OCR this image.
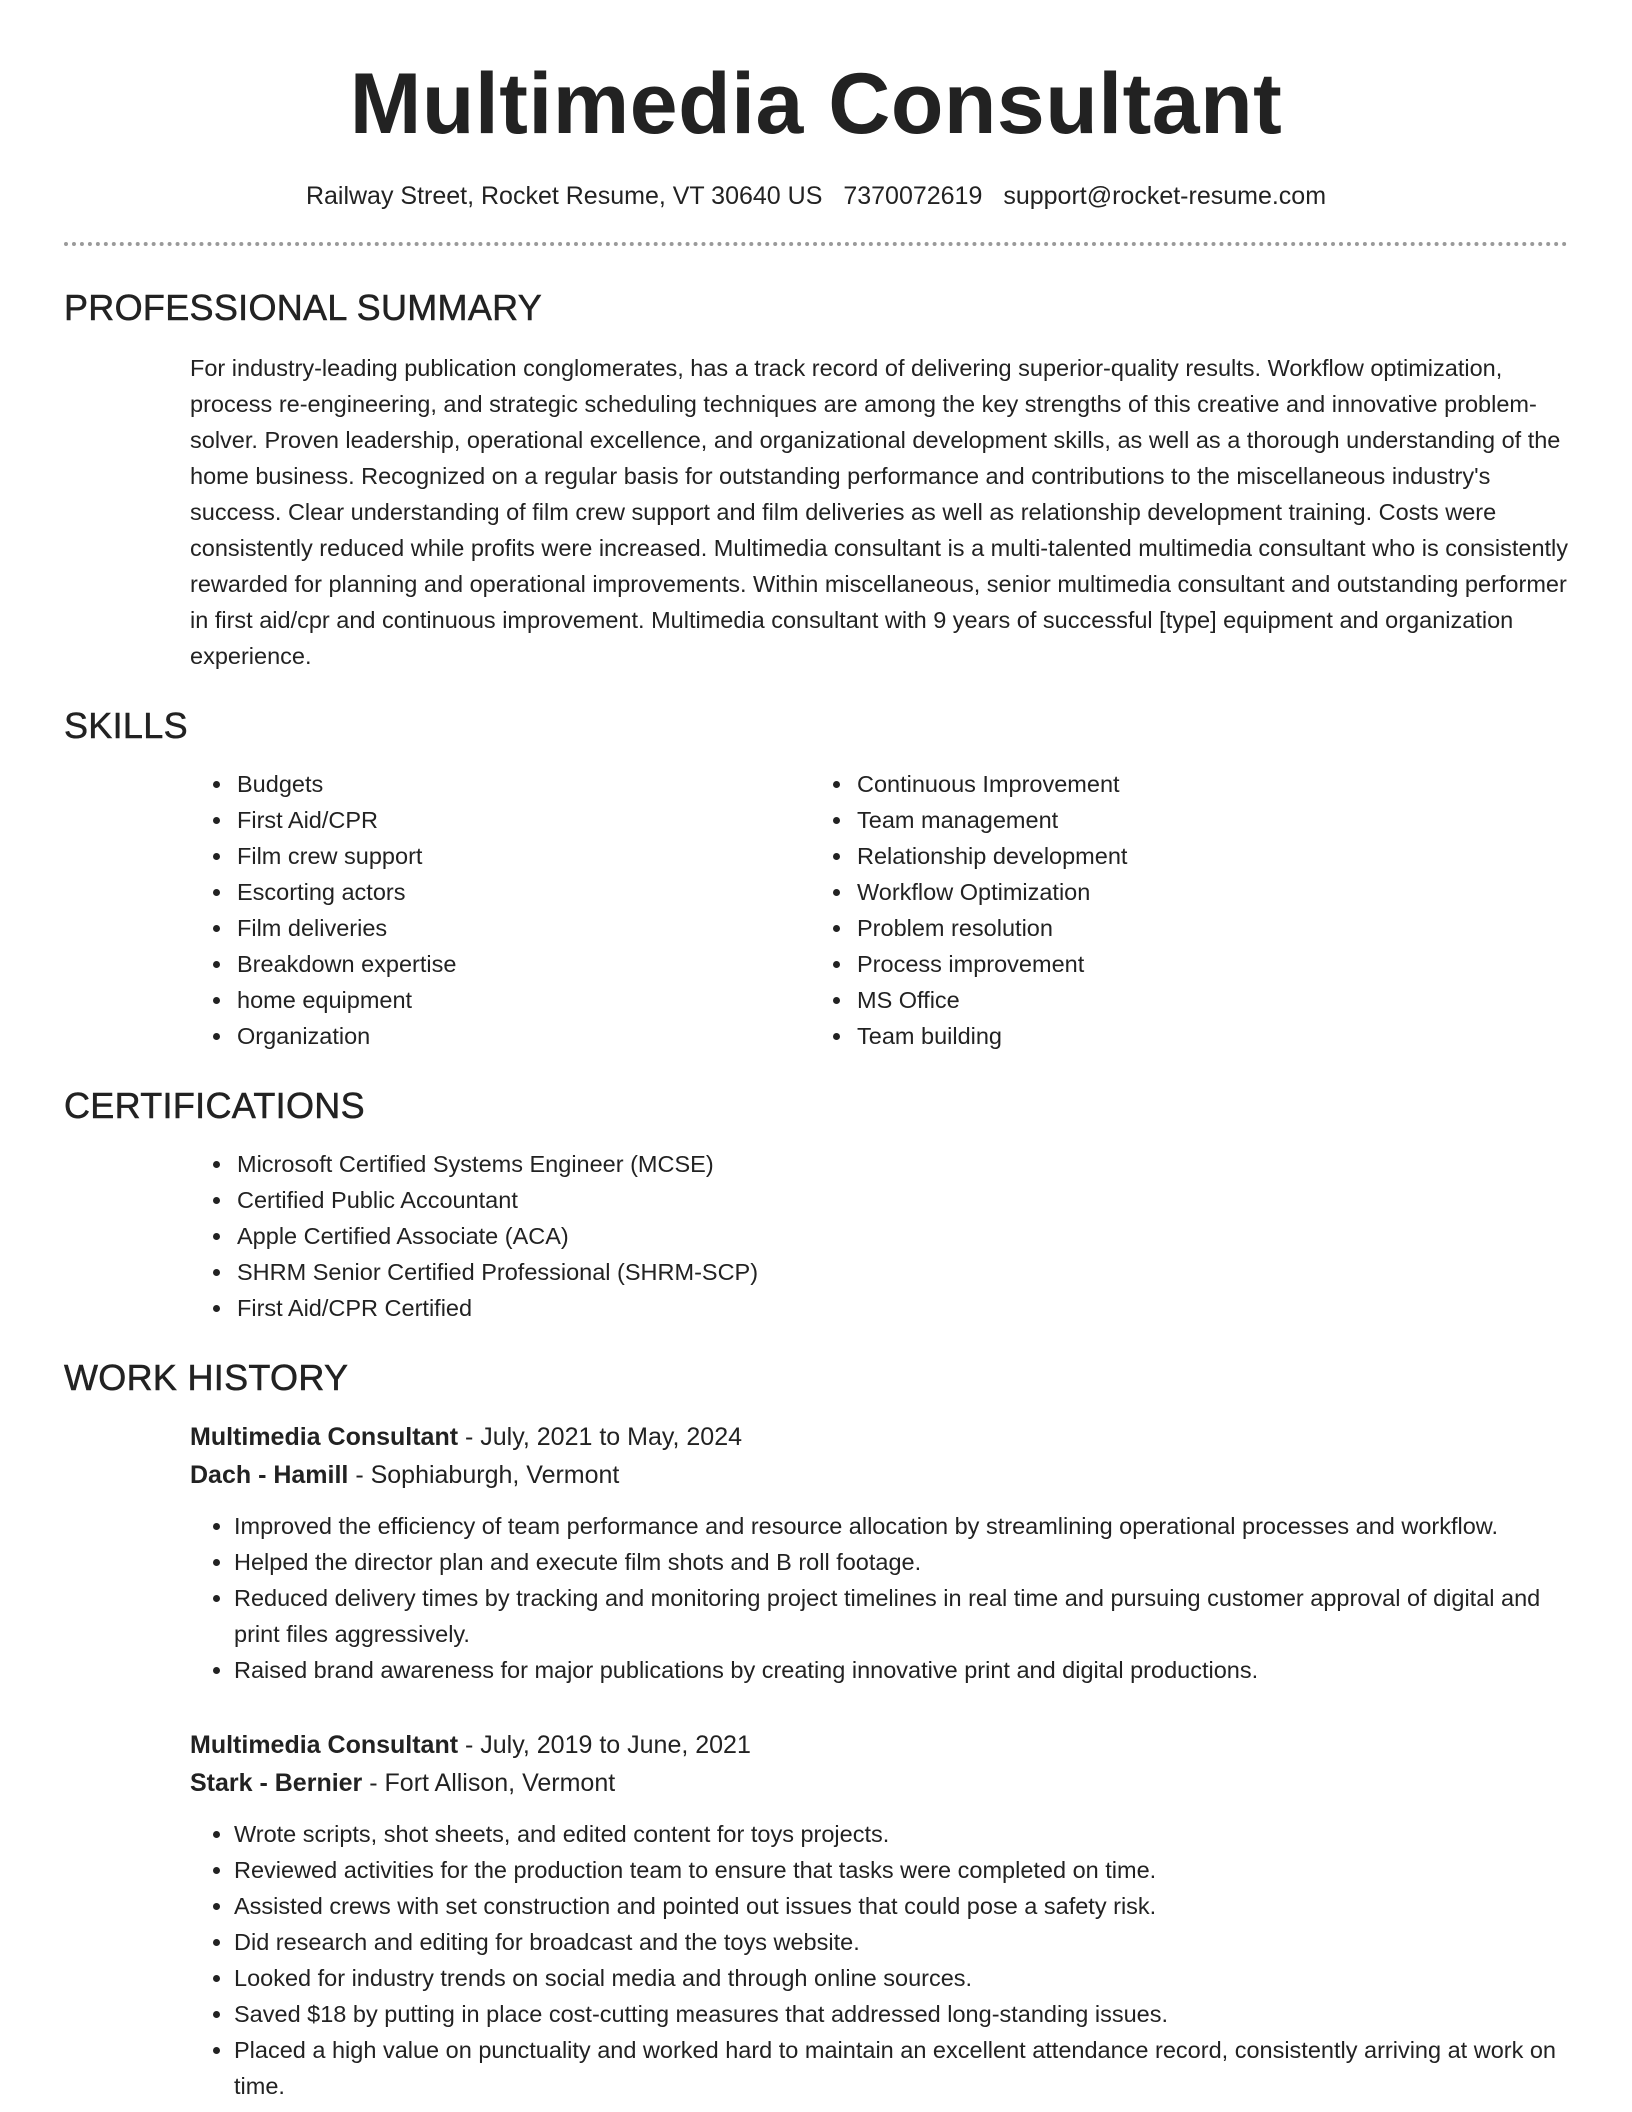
Multimedia Consultant
Railway Street, Rocket Resume, VT 30640 US 7370072619 support@rocket-resume.com
PROFESSIONAL SUMMARY

For industry-leading publication conglomerates, has a track record of delivering superior-quality results. Workflow optimization, process re-engineering, and strategic scheduling techniques are among the key strengths of this creative and innovative problem-solver. Proven leadership, operational excellence, and organizational development skills, as well as a thorough understanding of the home business. Recognized on a regular basis for outstanding performance and contributions to the miscellaneous industry's success. Clear understanding of film crew support and film deliveries as well as relationship development training. Costs were consistently reduced while profits were increased. Multimedia consultant is a multi-talented multimedia consultant who is consistently rewarded for planning and operational improvements. Within miscellaneous, senior multimedia consultant and outstanding performer in first aid/cpr and continuous improvement. Multimedia consultant with 9 years of successful [type] equipment and organization experience.

SKILLS
• Budgets
• First Aid/CPR
• Film crew support
• Escorting actors
• Film deliveries
• Breakdown expertise
• home equipment
• Organization
• Continuous Improvement
• Team management
• Relationship development
• Workflow Optimization
• Problem resolution
• Process improvement
• MS Office
• Team building
CERTIFICATIONS
• Microsoft Certified Systems Engineer (MCSE)
• Certified Public Accountant
• Apple Certified Associate (ACA)
• SHRM Senior Certified Professional (SHRM-SCP)
• First Aid/CPR Certified
WORK HISTORY
Multimedia Consultant - July, 2021 to May, 2024
Dach - Hamill - Sophiaburgh, Vermont
• Improved the efficiency of team performance and resource allocation by streamlining operational processes and workflow.
• Helped the director plan and execute film shots and B roll footage.
• Reduced delivery times by tracking and monitoring project timelines in real time and pursuing customer approval of digital and print files aggressively.
• Raised brand awareness for major publications by creating innovative print and digital productions.
Multimedia Consultant - July, 2019 to June, 2021
Stark - Bernier - Fort Allison, Vermont
• Wrote scripts, shot sheets, and edited content for toys projects.
• Reviewed activities for the production team to ensure that tasks were completed on time.
• Assisted crews with set construction and pointed out issues that could pose a safety risk.
• Did research and editing for broadcast and the toys website.
• Looked for industry trends on social media and through online sources.
• Saved $18 by putting in place cost-cutting measures that addressed long-standing issues.
• Placed a high value on punctuality and worked hard to maintain an excellent attendance record, consistently arriving at work on time.
